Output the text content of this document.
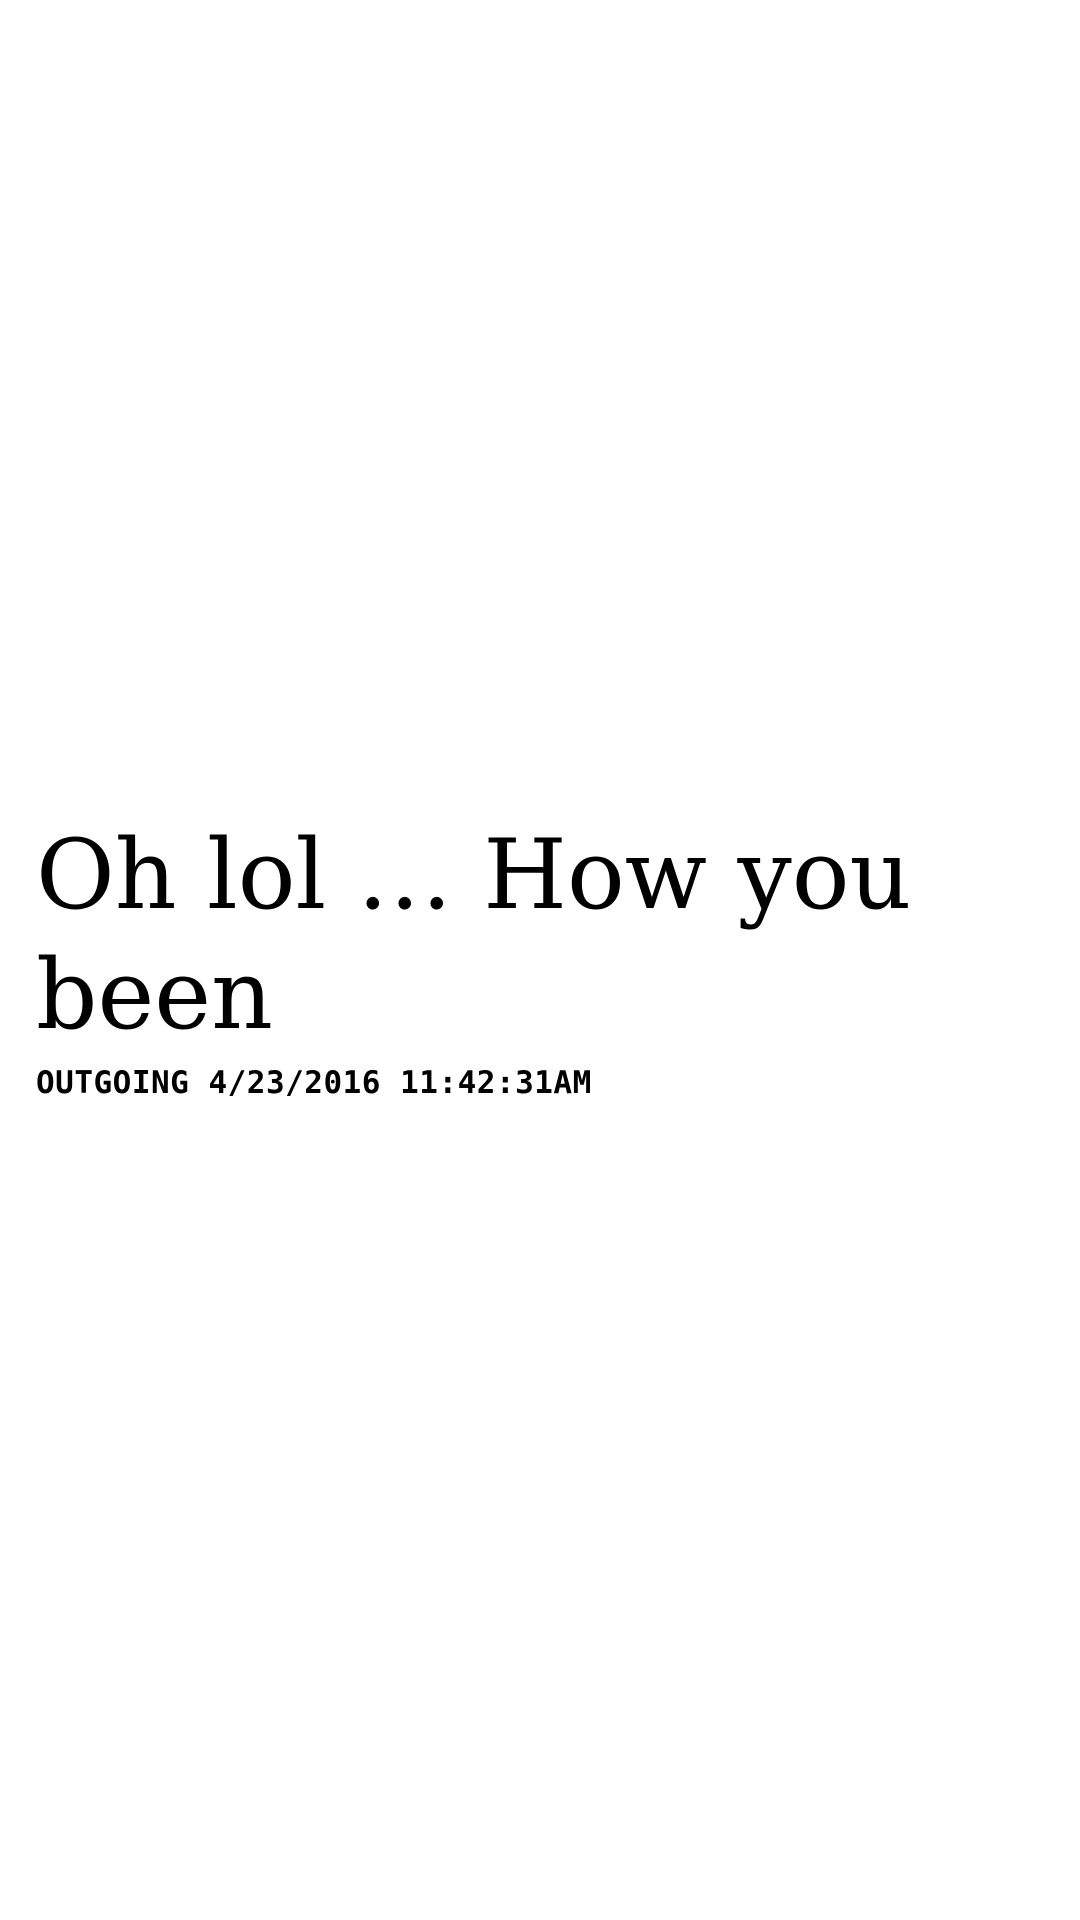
Oh lol … How you been

OUTGOING 4/23/2016 11:42:31AM
